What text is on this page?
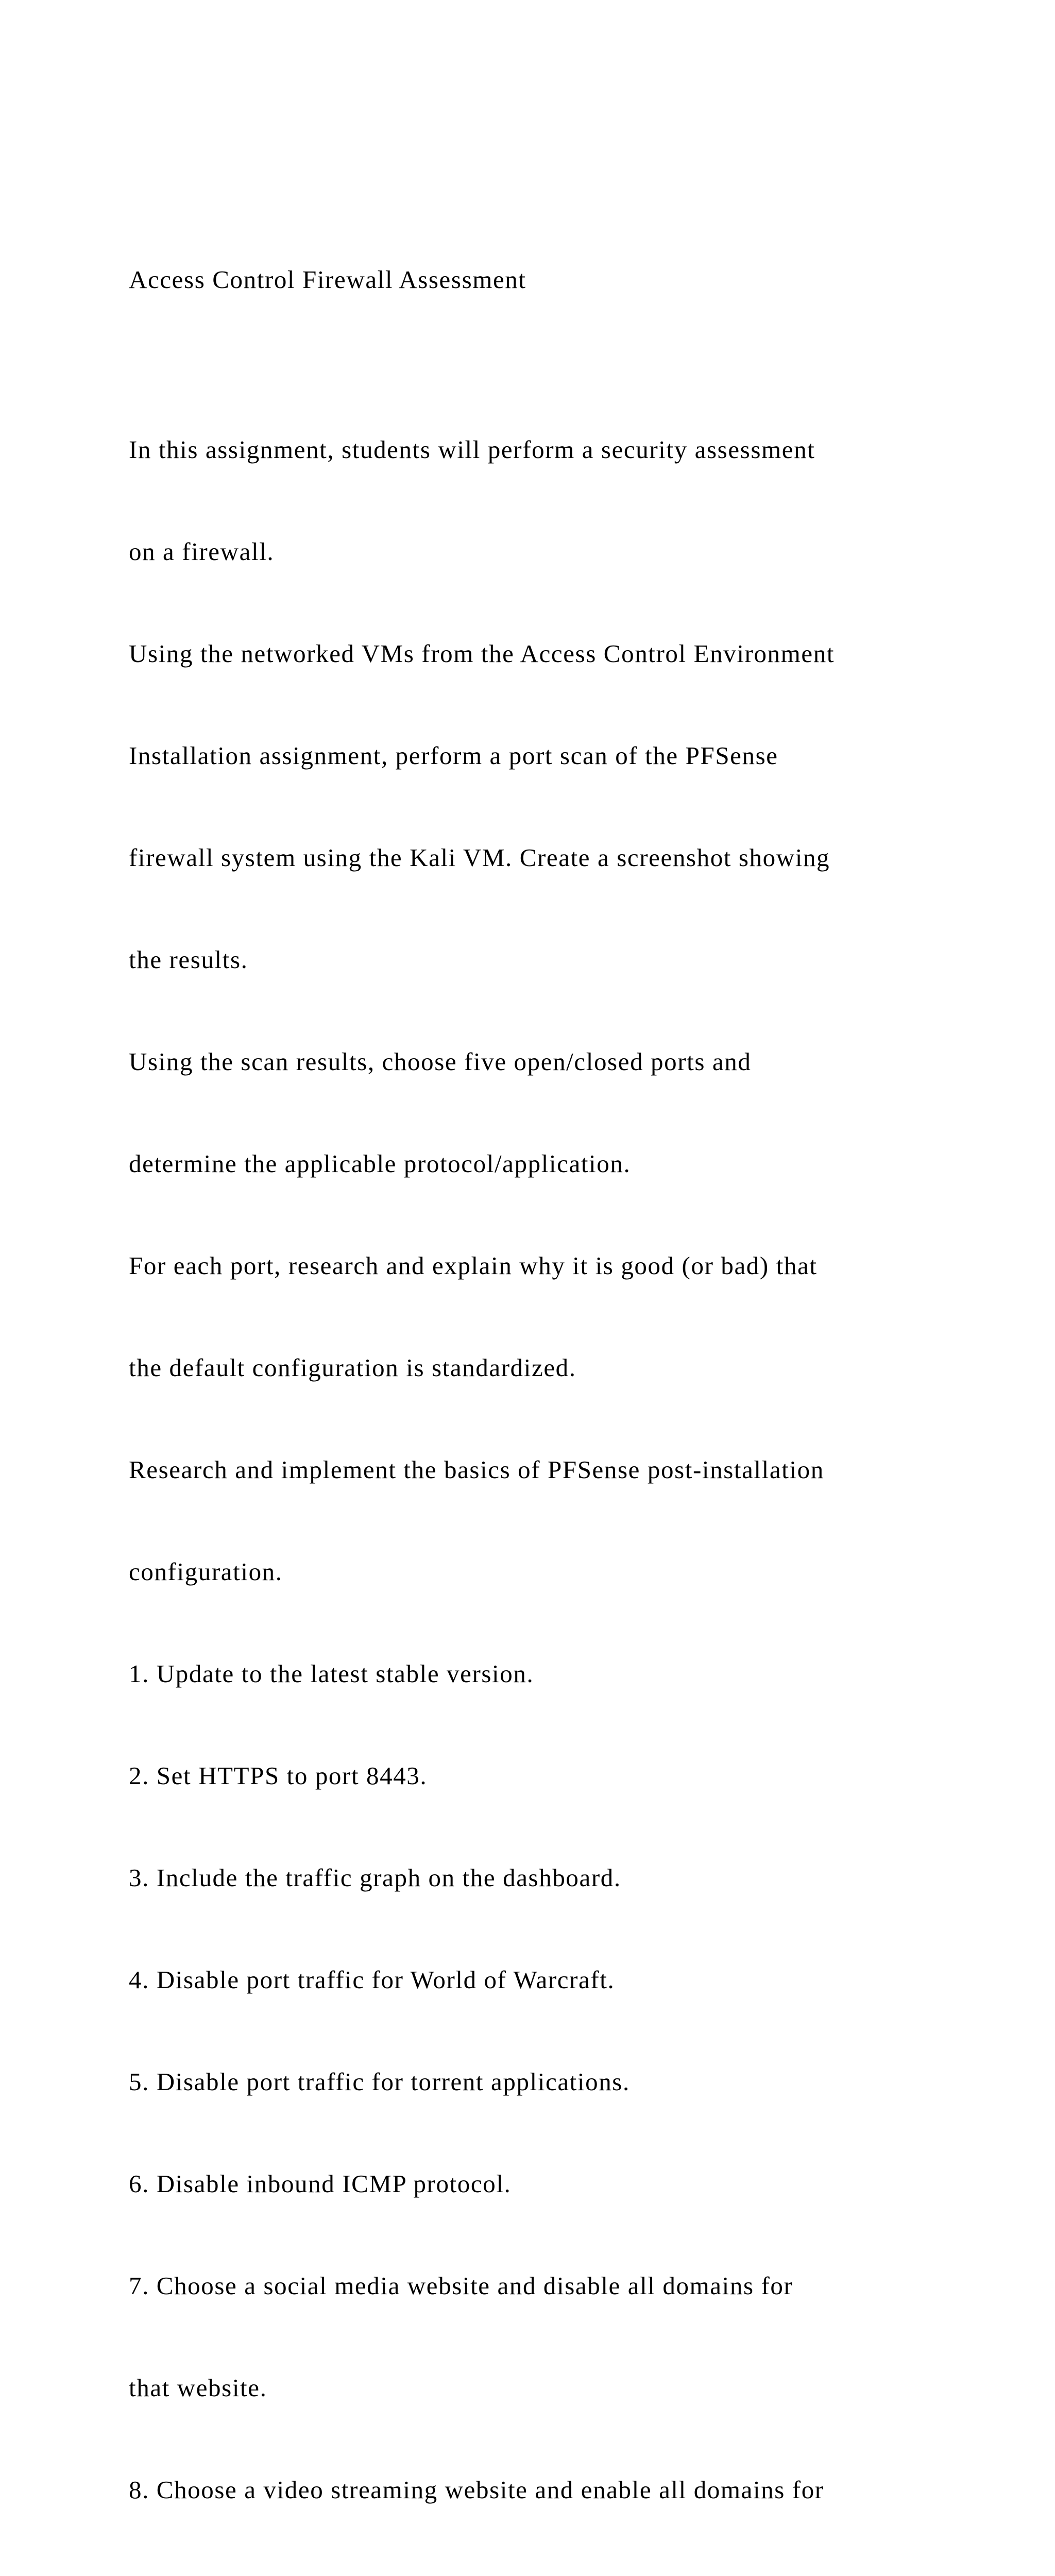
Access Control Firewall Assessment

In this assignment, students will perform a security assessment

on a firewall.

Using the networked VMs from the Access Control Environment

Installation assignment, perform a port scan of the PFSense

firewall system using the Kali VM. Create a screenshot showing

the results.

Using the scan results, choose five open/closed ports and

determine the applicable protocol/application.

For each port, research and explain why it is good (or bad) that

the default configuration is standardized.

Research and implement the basics of PFSense post-installation

configuration.

1. Update to the latest stable version.

2. Set HTTPS to port 8443.

3. Include the traffic graph on the dashboard.

4. Disable port traffic for World of Warcraft.

5. Disable port traffic for torrent applications.

6. Disable inbound ICMP protocol.

7. Choose a social media website and disable all domains for

that website.

8. Choose a video streaming website and enable all domains for
